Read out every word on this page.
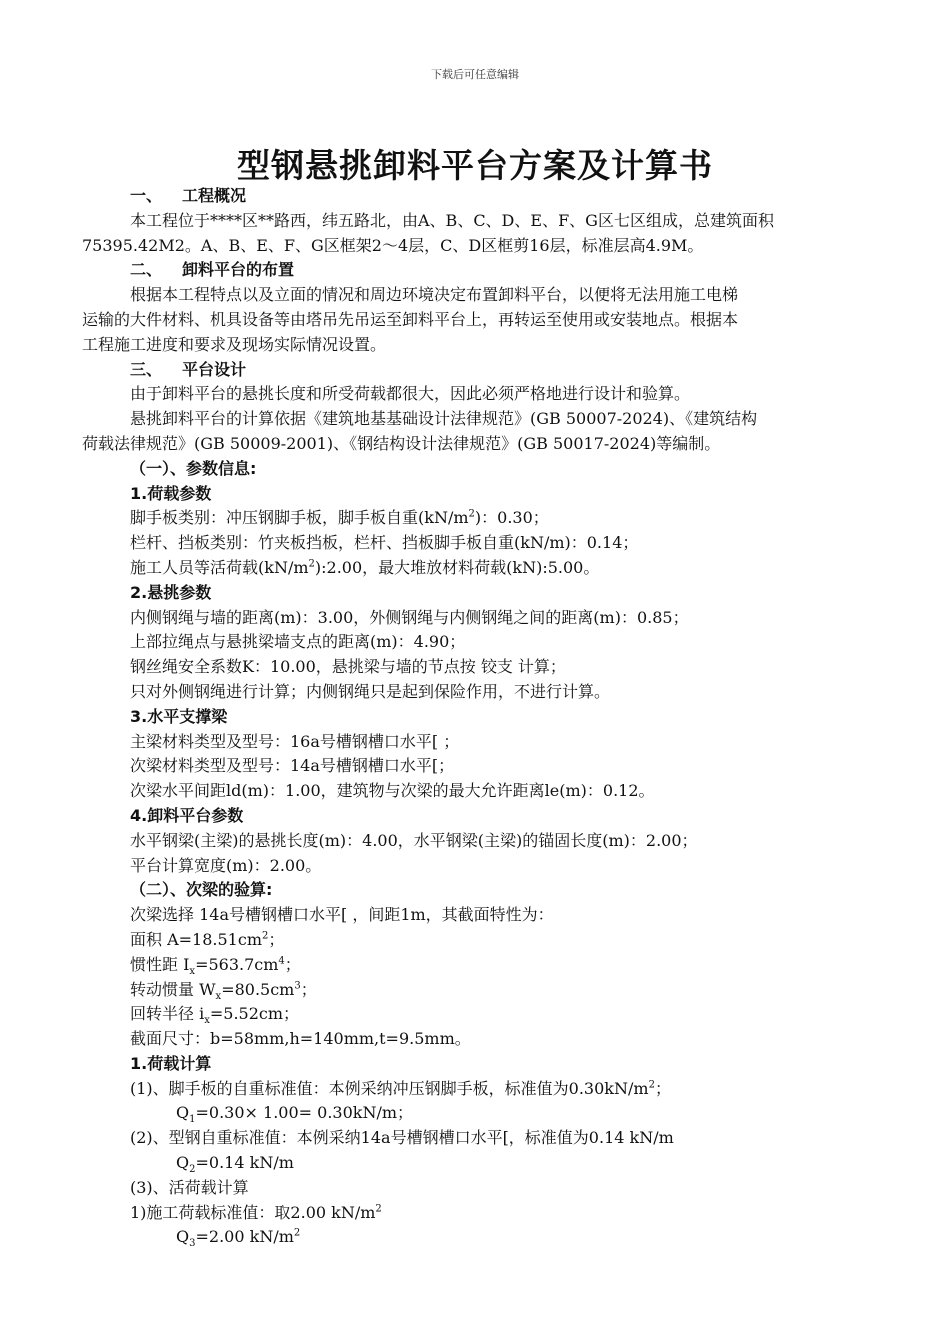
下载后可任意编辑
型钢悬挑卸料平台方案及计算书
一、 工程概况
本工程位于****区**路西，纬五路北，由A、B、C、D、E、F、G区七区组成，总建筑面积
75395.42M2。A、B、E、F、G区框架2～4层，C、D区框剪16层，标准层高4.9M。
二、 卸料平台的布置
根据本工程特点以及立面的情况和周边环境决定布置卸料平台，以便将无法用施工电梯
运输的大件材料、机具设备等由塔吊先吊运至卸料平台上，再转运至使用或安装地点。根据本
工程施工进度和要求及现场实际情况设置。
三、 平台设计
由于卸料平台的悬挑长度和所受荷载都很大，因此必须严格地进行设计和验算。
悬挑卸料平台的计算依据《建筑地基基础设计法律规范》(GB 50007-2024)、《建筑结构
荷载法律规范》(GB 50009-2001)、《钢结构设计法律规范》(GB 50017-2024)等编制。
（一）、参数信息:
1.荷载参数
脚手板类别：冲压钢脚手板，脚手板自重$(kN/m^2)$：0.30；
栏杆、挡板类别：竹夹板挡板，栏杆、挡板脚手板自重(kN/m)：0.14；
施工人员等活荷载$(kN/m^2):2.00$，最大堆放材料荷载(kN):5.00。
2.悬挑参数
内侧钢绳与墙的距离(m)：3.00，外侧钢绳与内侧钢绳之间的距离(m)：0.85；
上部拉绳点与悬挑梁墙支点的距离(m)：4.90；
钢丝绳安全系数K：10.00，悬挑梁与墙的节点按 铰支 计算；
只对外侧钢绳进行计算；内侧钢绳只是起到保险作用，不进行计算。
3.水平支撑梁
主梁材料类型及型号：16a号槽钢槽口水平[ ；
次梁材料类型及型号：14a号槽钢槽口水平[；
次梁水平间距ld(m)：1.00，建筑物与次梁的最大允许距离le(m)：0.12。
4.卸料平台参数
水平钢梁(主梁)的悬挑长度(m)：4.00，水平钢梁(主梁)的锚固长度(m)：2.00；
平台计算宽度(m)：2.00。
（二）、次梁的验算:
次梁选择 14a号槽钢槽口水平[ ，间距1m，其截面特性为：
面积 $A=18.51cm^2$；
惯性距 $I_x=563.7cm^4$；
转动惯量 $W_x=80.5cm^3$；
回转半径 $i_x=5.52cm$；
截面尺寸：b=58mm,h=140mm,t=9.5mm。
1.荷载计算
(1)、脚手板的自重标准值：本例采纳冲压钢脚手板，标准值为$0.30kN/m^2$；
$Q_1=0.30\times 1.00= 0.30kN/m$；
(2)、型钢自重标准值：本例采纳14a号槽钢槽口水平[，标准值为0.14 kN/m
$Q_2=0.14$ kN/m
(3)、活荷载计算
1)施工荷载标准值：取2.00 $kN/m^2$
$Q_3=2.00$ $kN/m^2$
